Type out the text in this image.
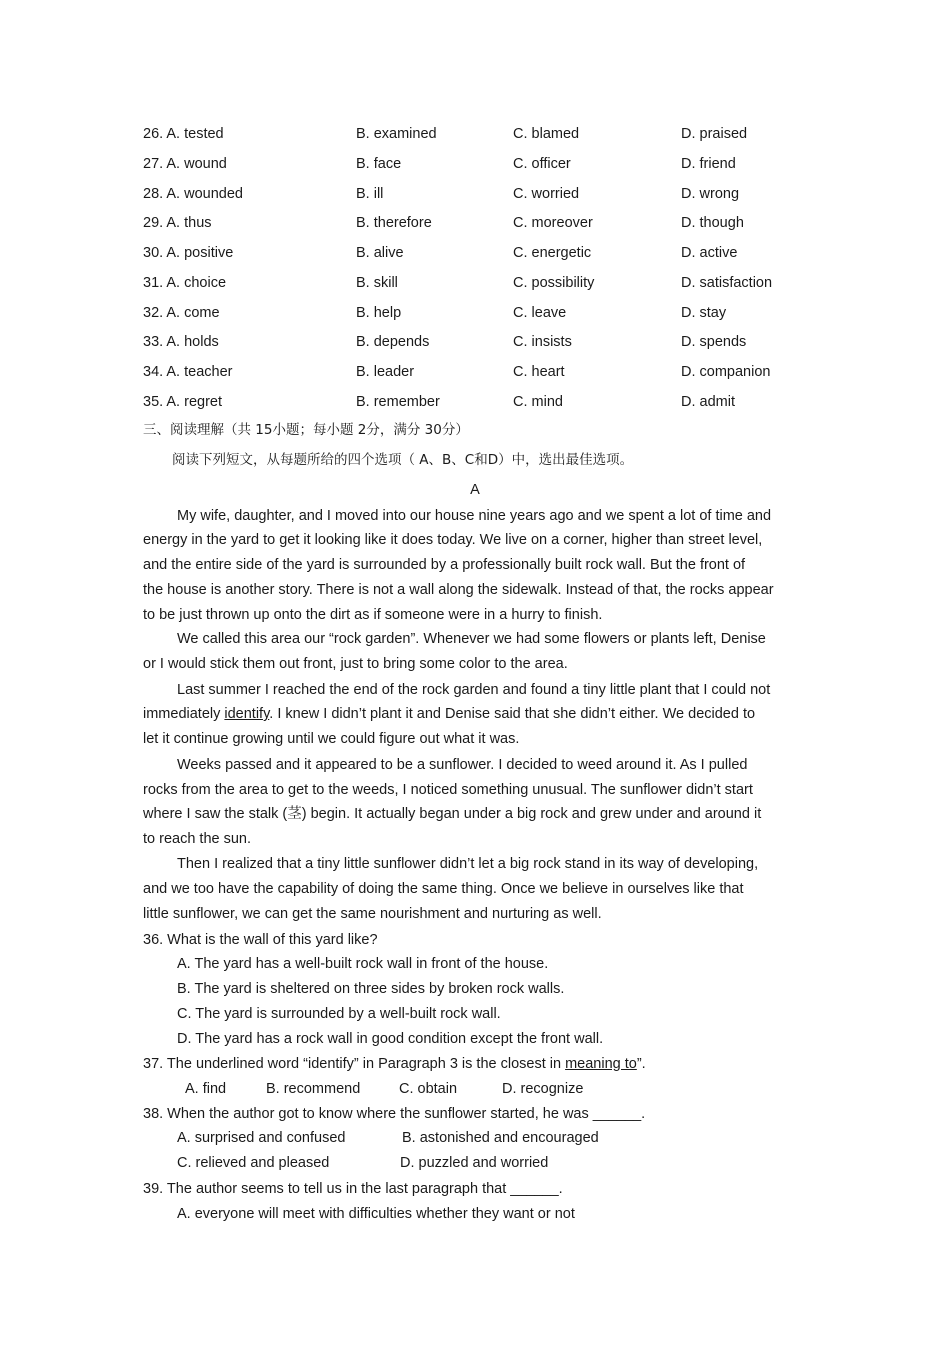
26. A. tested	B. examined	C. blamed	D. praised
27. A. wound	B. face	C. officer	D. friend
28. A. wounded	B. ill	C. worried	D. wrong
29. A. thus	B. therefore	C. moreover	D. though
30. A. positive	B. alive	C. energetic	D. active
31. A. choice	B. skill	C. possibility	D. satisfaction
32. A. come	B. help	C. leave	D. stay
33. A. holds	B. depends	C. insists	D. spends
34. A. teacher	B. leader	C. heart	D. companion
35. A. regret	B. remember	C. mind	D. admit
三、阅读理解（共 15小题；每小题 2分，满分 30分）
阅读下列短文，从每题所给的四个选项（ A、B、C和D）中，选出最佳选项。
A
My wife, daughter, and I moved into our house nine years ago and we spent a lot of time and
energy in the yard to get it looking like it does today. We live on a corner, higher than street level,
and the entire side of the yard is surrounded by a professionally built rock wall. But the front of
the house is another story. There is not a wall along the sidewalk. Instead of that, the rocks appear
to be just thrown up onto the dirt as if someone were in a hurry to finish.
We called this area our “rock garden”. Whenever we had some flowers or plants left, Denise
or I would stick them out front, just to bring some color to the area.
Last summer I reached the end of the rock garden and found a tiny little plant that I could not
immediately identify. I knew I didn’t plant it and Denise said that she didn’t either. We decided to
let it continue growing until we could figure out what it was.
Weeks passed and it appeared to be a sunflower. I decided to weed around it. As I pulled
rocks from the area to get to the weeds, I noticed something unusual. The sunflower didn’t start
where I saw the stalk (茎) begin. It actually began under a big rock and grew under and around it
to reach the sun.
Then I realized that a tiny little sunflower didn’t let a big rock stand in its way of developing,
and we too have the capability of doing the same thing. Once we believe in ourselves like that
little sunflower, we can get the same nourishment and nurturing as well.
36. What is the wall of this yard like?
A. The yard has a well-built rock wall in front of the house.
B. The yard is sheltered on three sides by broken rock walls.
C. The yard is surrounded by a well-built rock wall.
D. The yard has a rock wall in good condition except the front wall.
37. The underlined word “identify” in Paragraph 3 is the closest in meaning to”.
A. find	B. recommend	C. obtain	D. recognize
38. When the author got to know where the sunflower started, he was ______.
A. surprised and confused	B. astonished and encouraged
C. relieved and pleased	D. puzzled and worried
39. The author seems to tell us in the last paragraph that ______.
A. everyone will meet with difficulties whether they want or not
